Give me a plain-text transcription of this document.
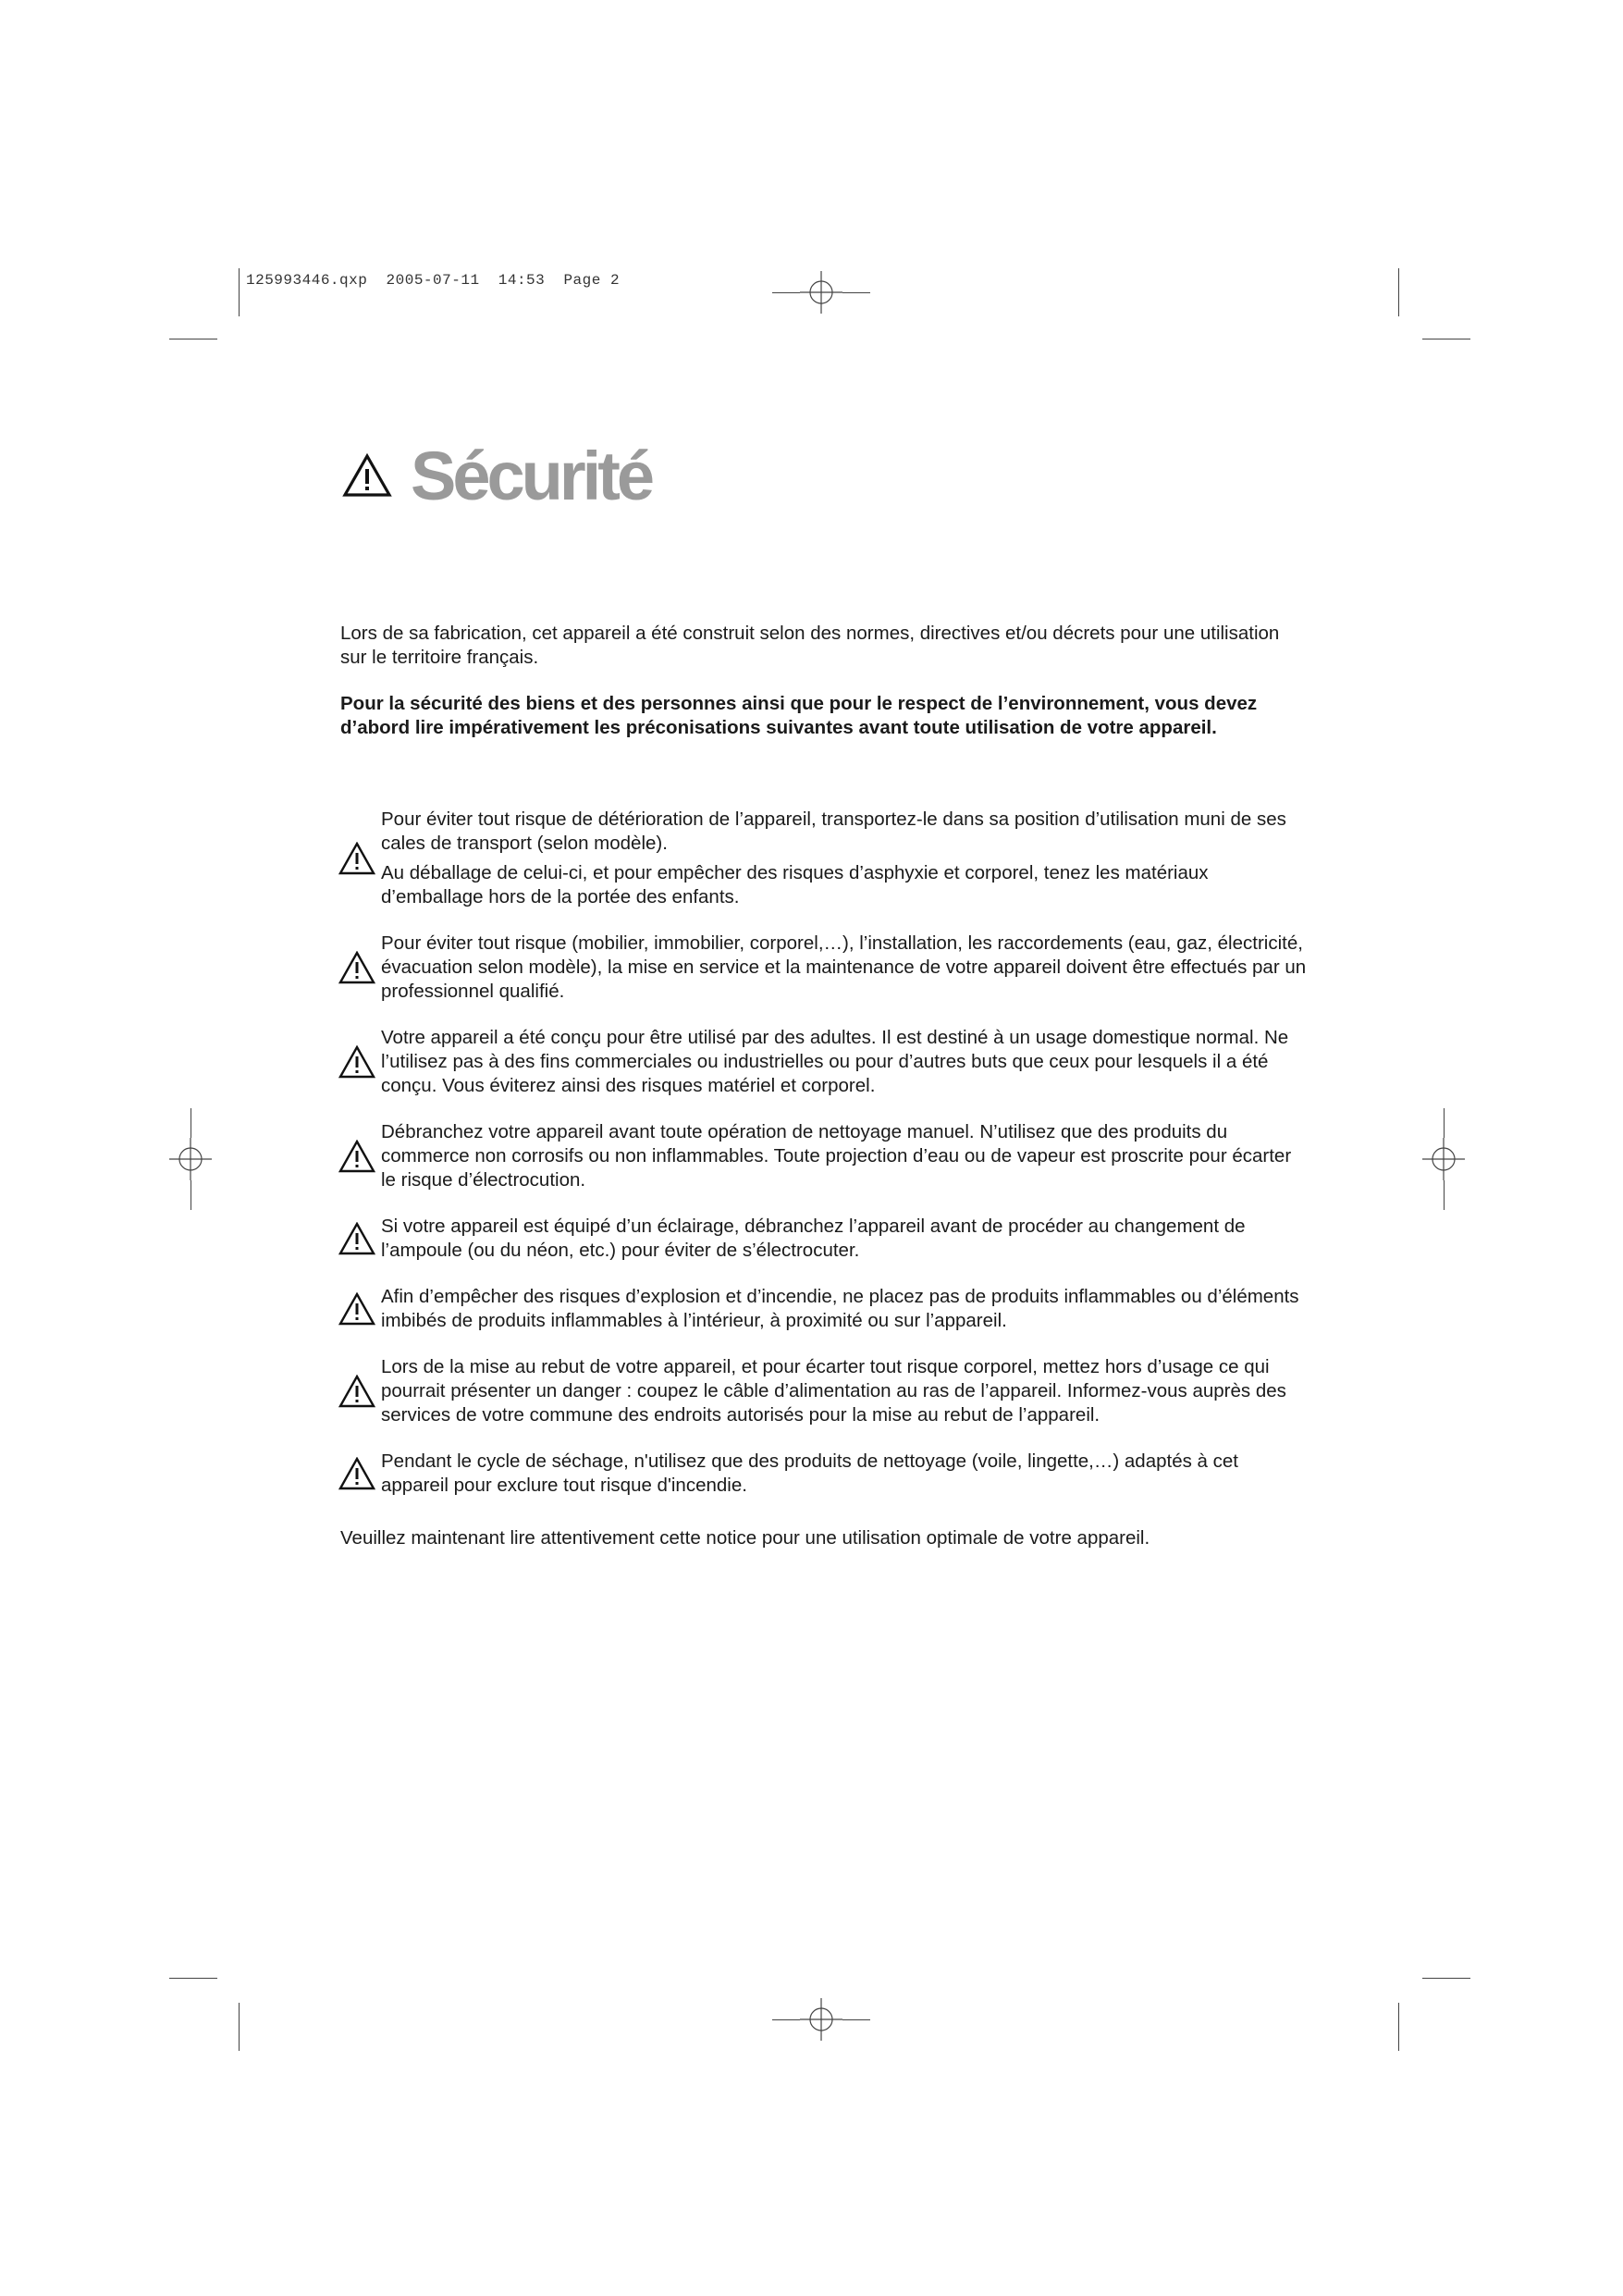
125993446.qxp  2005-07-11  14:53  Page 2
Sécurité

Lors de sa fabrication, cet appareil a été construit selon des normes, directives et/ou décrets pour une utilisation sur le territoire français.

Pour la sécurité des biens et des personnes ainsi que pour le respect de l’environnement, vous devez d’abord lire impérativement les préconisations suivantes avant toute utilisation de votre appareil.

Pour éviter tout risque de détérioration de l’appareil, transportez-le dans sa position d’utilisation muni de ses cales de transport (selon modèle).

Au déballage de celui-ci, et pour empêcher des risques d’asphyxie et corporel, tenez les matériaux d’emballage hors de la portée des enfants.

Pour éviter tout risque (mobilier, immobilier, corporel,…), l’installation, les raccordements (eau, gaz, électricité, évacuation selon modèle), la mise en service et la maintenance de votre appareil doivent être effectués par un professionnel qualifié.

Votre appareil a été conçu pour être utilisé par des adultes. Il est destiné à un usage domestique normal. Ne l’utilisez pas à des fins commerciales ou industrielles ou pour d’autres buts que ceux pour lesquels il a été conçu. Vous éviterez ainsi des risques matériel et corporel.

Débranchez votre appareil avant toute opération de nettoyage manuel. N’utilisez que des produits du commerce non corrosifs ou non inflammables. Toute projection d’eau ou de vapeur est proscrite pour écarter le risque d’électrocution.

Si votre appareil est équipé d’un éclairage, débranchez l’appareil avant de procéder au changement de l’ampoule (ou du néon, etc.) pour éviter de s’électrocuter.

Afin d’empêcher des risques d’explosion et d’incendie, ne placez pas de produits inflammables ou d’éléments imbibés de produits inflammables à l’intérieur, à proximité ou sur l’appareil.

Lors de la mise au rebut de votre appareil, et pour écarter tout risque corporel, mettez hors d’usage ce qui pourrait présenter un danger : coupez le câble d’alimentation au ras de l’appareil. Informez-vous auprès des services de votre commune des endroits autorisés pour la mise au rebut de l’appareil.

Pendant le cycle de séchage, n'utilisez que des produits de nettoyage (voile, lingette,…) adaptés à cet appareil pour exclure tout risque d'incendie.

Veuillez maintenant lire attentivement cette notice pour une utilisation optimale de votre appareil.
